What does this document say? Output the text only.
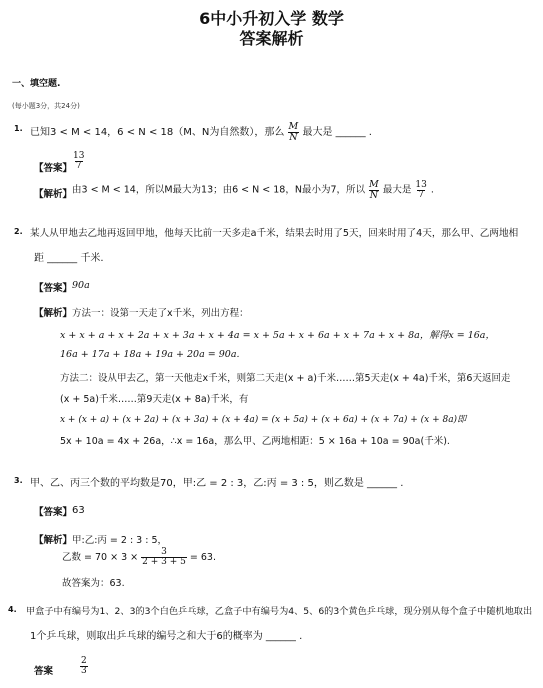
6中小升初入学 数学
答案解析
一、填空题.
(每小题3分，共24分)
1. 已知3 < M < 14，6 < N < 18（M、N为自然数），那么 $\frac{M}{N}$ 最大是 ______ .
【答案】 $\frac{13}{7}$
【解析】 由3 < M < 14，所以M最大为13；由6 < N < 18，N最小为7，所以 $\frac{M}{N}$ 最大是 $\frac{13}{7}$ .
2. 某人从甲地去乙地再返回甲地，他每天比前一天多走a千米，结果去时用了5天，回来时用了4天，那么甲、乙两地相
距 ______ 千米.
【答案】 90a
【解析】 方法一：设第一天走了x千米，列出方程：
x + x + a + x + 2a + x + 3a + x + 4a = x + 5a + x + 6a + x + 7a + x + 8a，解得x = 16a，
16a + 17a + 18a + 19a + 20a = 90a.
方法二：设从甲去乙，第一天他走x千米，则第二天走(x + a)千米……第5天走(x + 4a)千米，第6天返回走
(x + 5a)千米……第9天走(x + 8a)千米，有
x + (x + a) + (x + 2a) + (x + 3a) + (x + 4a) = (x + 5a) + (x + 6a) + (x + 7a) + (x + 8a)即
5x + 10a = 4x + 26a，∴x = 16a，那么甲、乙两地相距：5 × 16a + 10a = 90a(千米).
3. 甲、乙、丙三个数的平均数是70，甲:乙 = 2 : 3，乙:丙 = 3 : 5，则乙数是 ______ .
【答案】 63
【解析】 甲:乙:丙 = 2 : 3 : 5，
乙数 = $70 \times 3 \times \frac{3}{2 + 3 + 5} = 63$.
故答案为：63.
4. 甲盒子中有编号为1、2、3的3个白色乒乓球，乙盒子中有编号为4、5、6的3个黄色乒乓球，现分别从每个盒子中随机地取出
1个乒乓球，则取出乒乓球的编号之和大于6的概率为 ______ .
答案	$\frac{2}{3}$
